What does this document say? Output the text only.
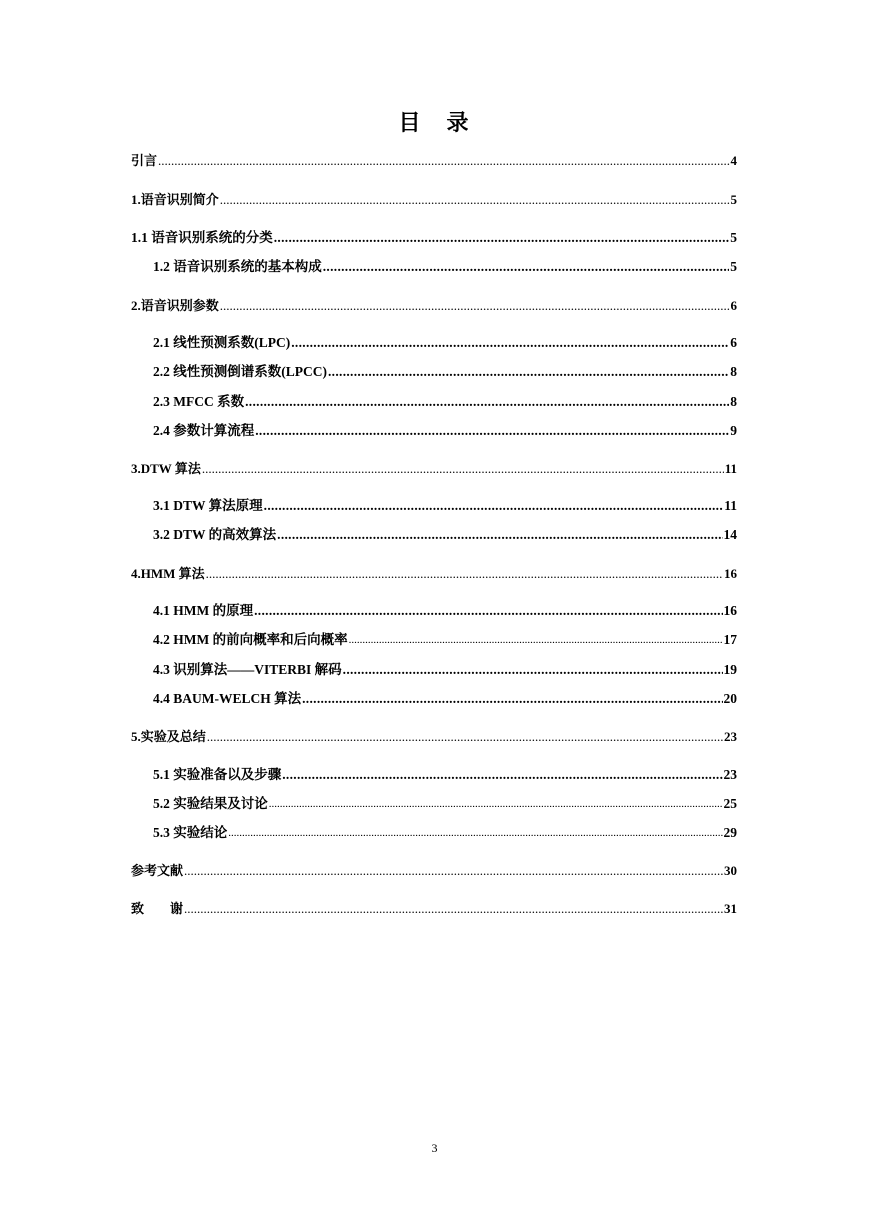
目　录
引言 .....	4
1.语音识别简介 .....	5
1.1 语音识别系统的分类 .....	5
1.2 语音识别系统的基本构成 .....	5
2.语音识别参数 .....	6
2.1 线性预测系数(LPC) .....	6
2.2 线性预测倒谱系数(LPCC) .....	8
2.3 MFCC 系数 .....	8
2.4 参数计算流程 .....	9
3.DTW 算法 .....	11
3.1 DTW 算法原理 .....	11
3.2 DTW 的高效算法 .....	14
4.HMM 算法 .....	16
4.1 HMM 的原理 .....	16
4.2 HMM 的前向概率和后向概率 .....	17
4.3 识别算法——VITERBI 解码 .....	19
4.4 BAUM-WELCH 算法 .....	20
5.实验及总结 .....	23
5.1 实验准备以及步骤 .....	23
5.2 实验结果及讨论 .....	25
5.3 实验结论 .....	29
参考文献 .....	30
致　　谢 .....	31
3
